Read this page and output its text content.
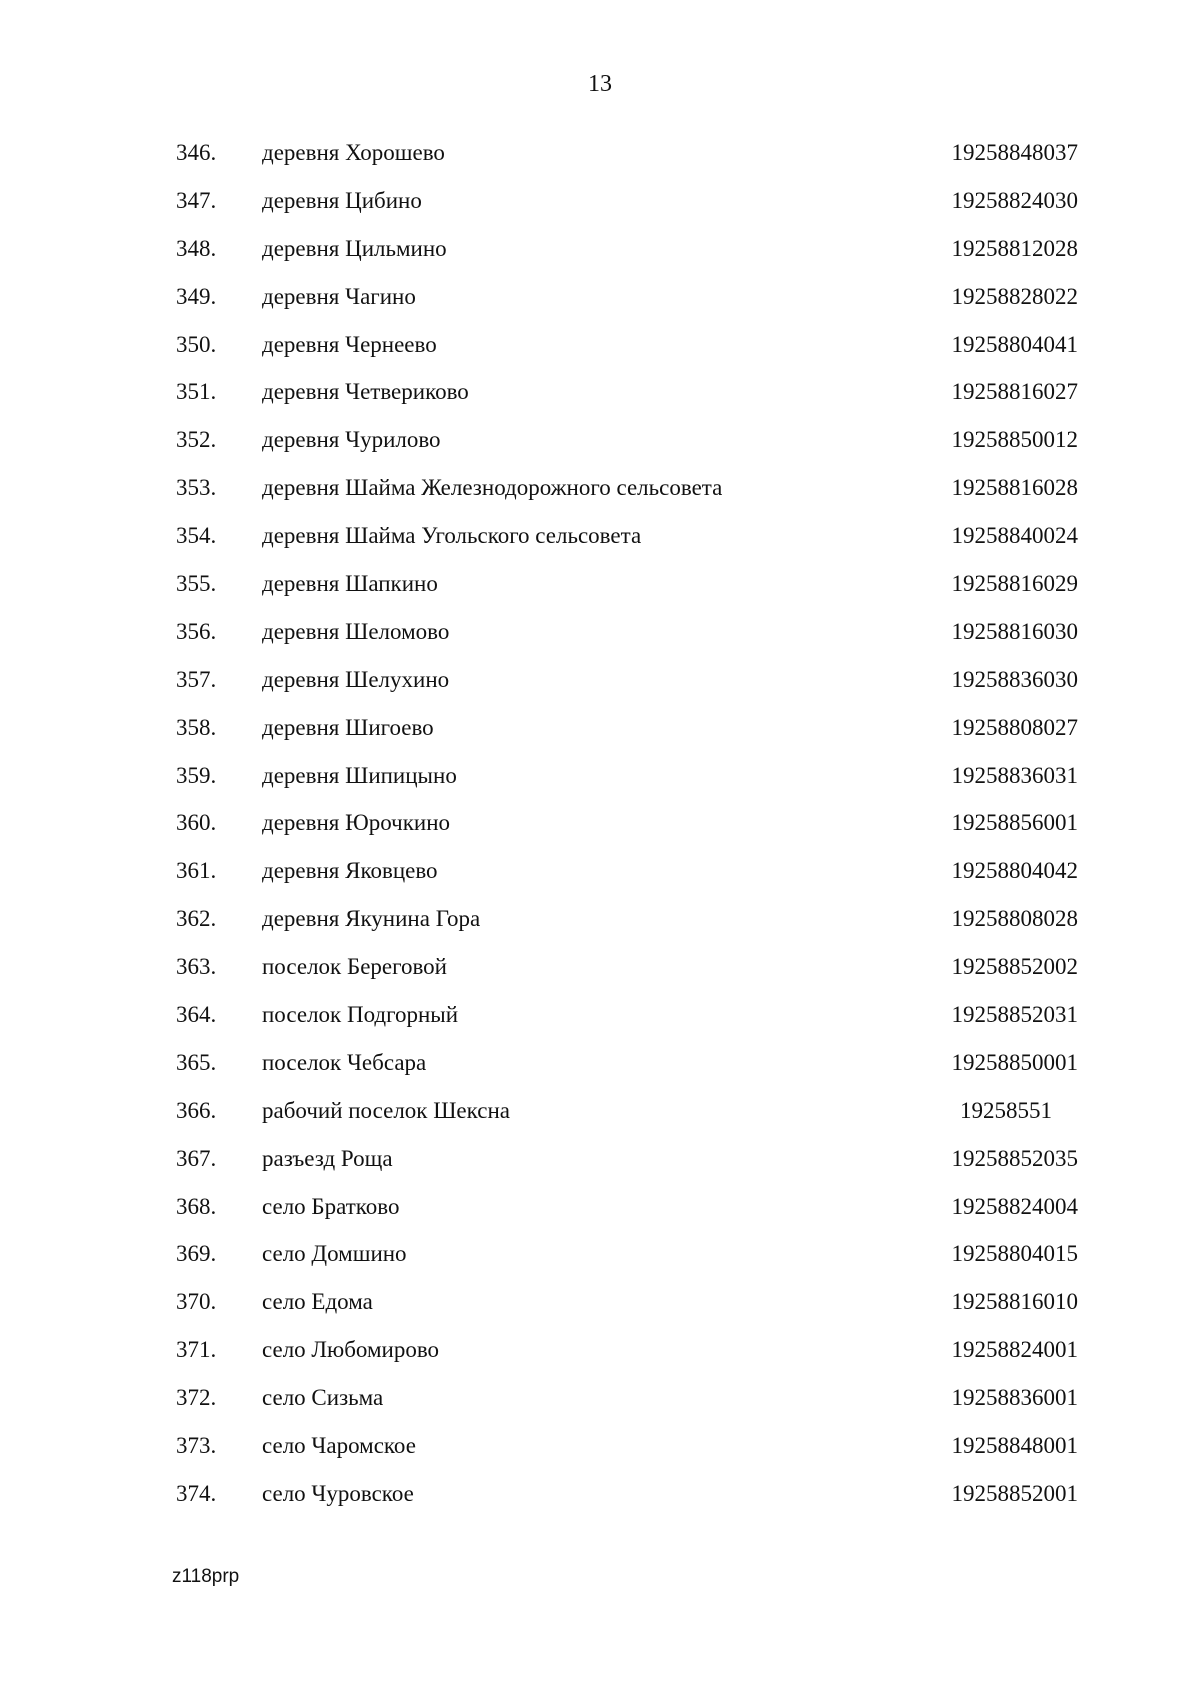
13
346. деревня Хорошево	19258848037
347. деревня Цибино	19258824030
348. деревня Цильмино	19258812028
349. деревня Чагино	19258828022
350. деревня Чернеево	19258804041
351. деревня Четвериково	19258816027
352. деревня Чурилово	19258850012
353. деревня Шайма Железнодорожного сельсовета	19258816028
354. деревня Шайма Угольского сельсовета	19258840024
355. деревня Шапкино	19258816029
356. деревня Шеломово	19258816030
357. деревня Шелухино	19258836030
358. деревня Шигоево	19258808027
359. деревня Шипицыно	19258836031
360. деревня Юрочкино	19258856001
361. деревня Яковцево	19258804042
362. деревня Якунина Гора	19258808028
363. поселок Береговой	19258852002
364. поселок Подгорный	19258852031
365. поселок Чебсара	19258850001
366. рабочий поселок Шексна	19258551
367. разъезд Роща	19258852035
368. село Братково	19258824004
369. село Домшино	19258804015
370. село Едома	19258816010
371. село Любомирово	19258824001
372. село Сизьма	19258836001
373. село Чаромское	19258848001
374. село Чуровское	19258852001
z118prp
